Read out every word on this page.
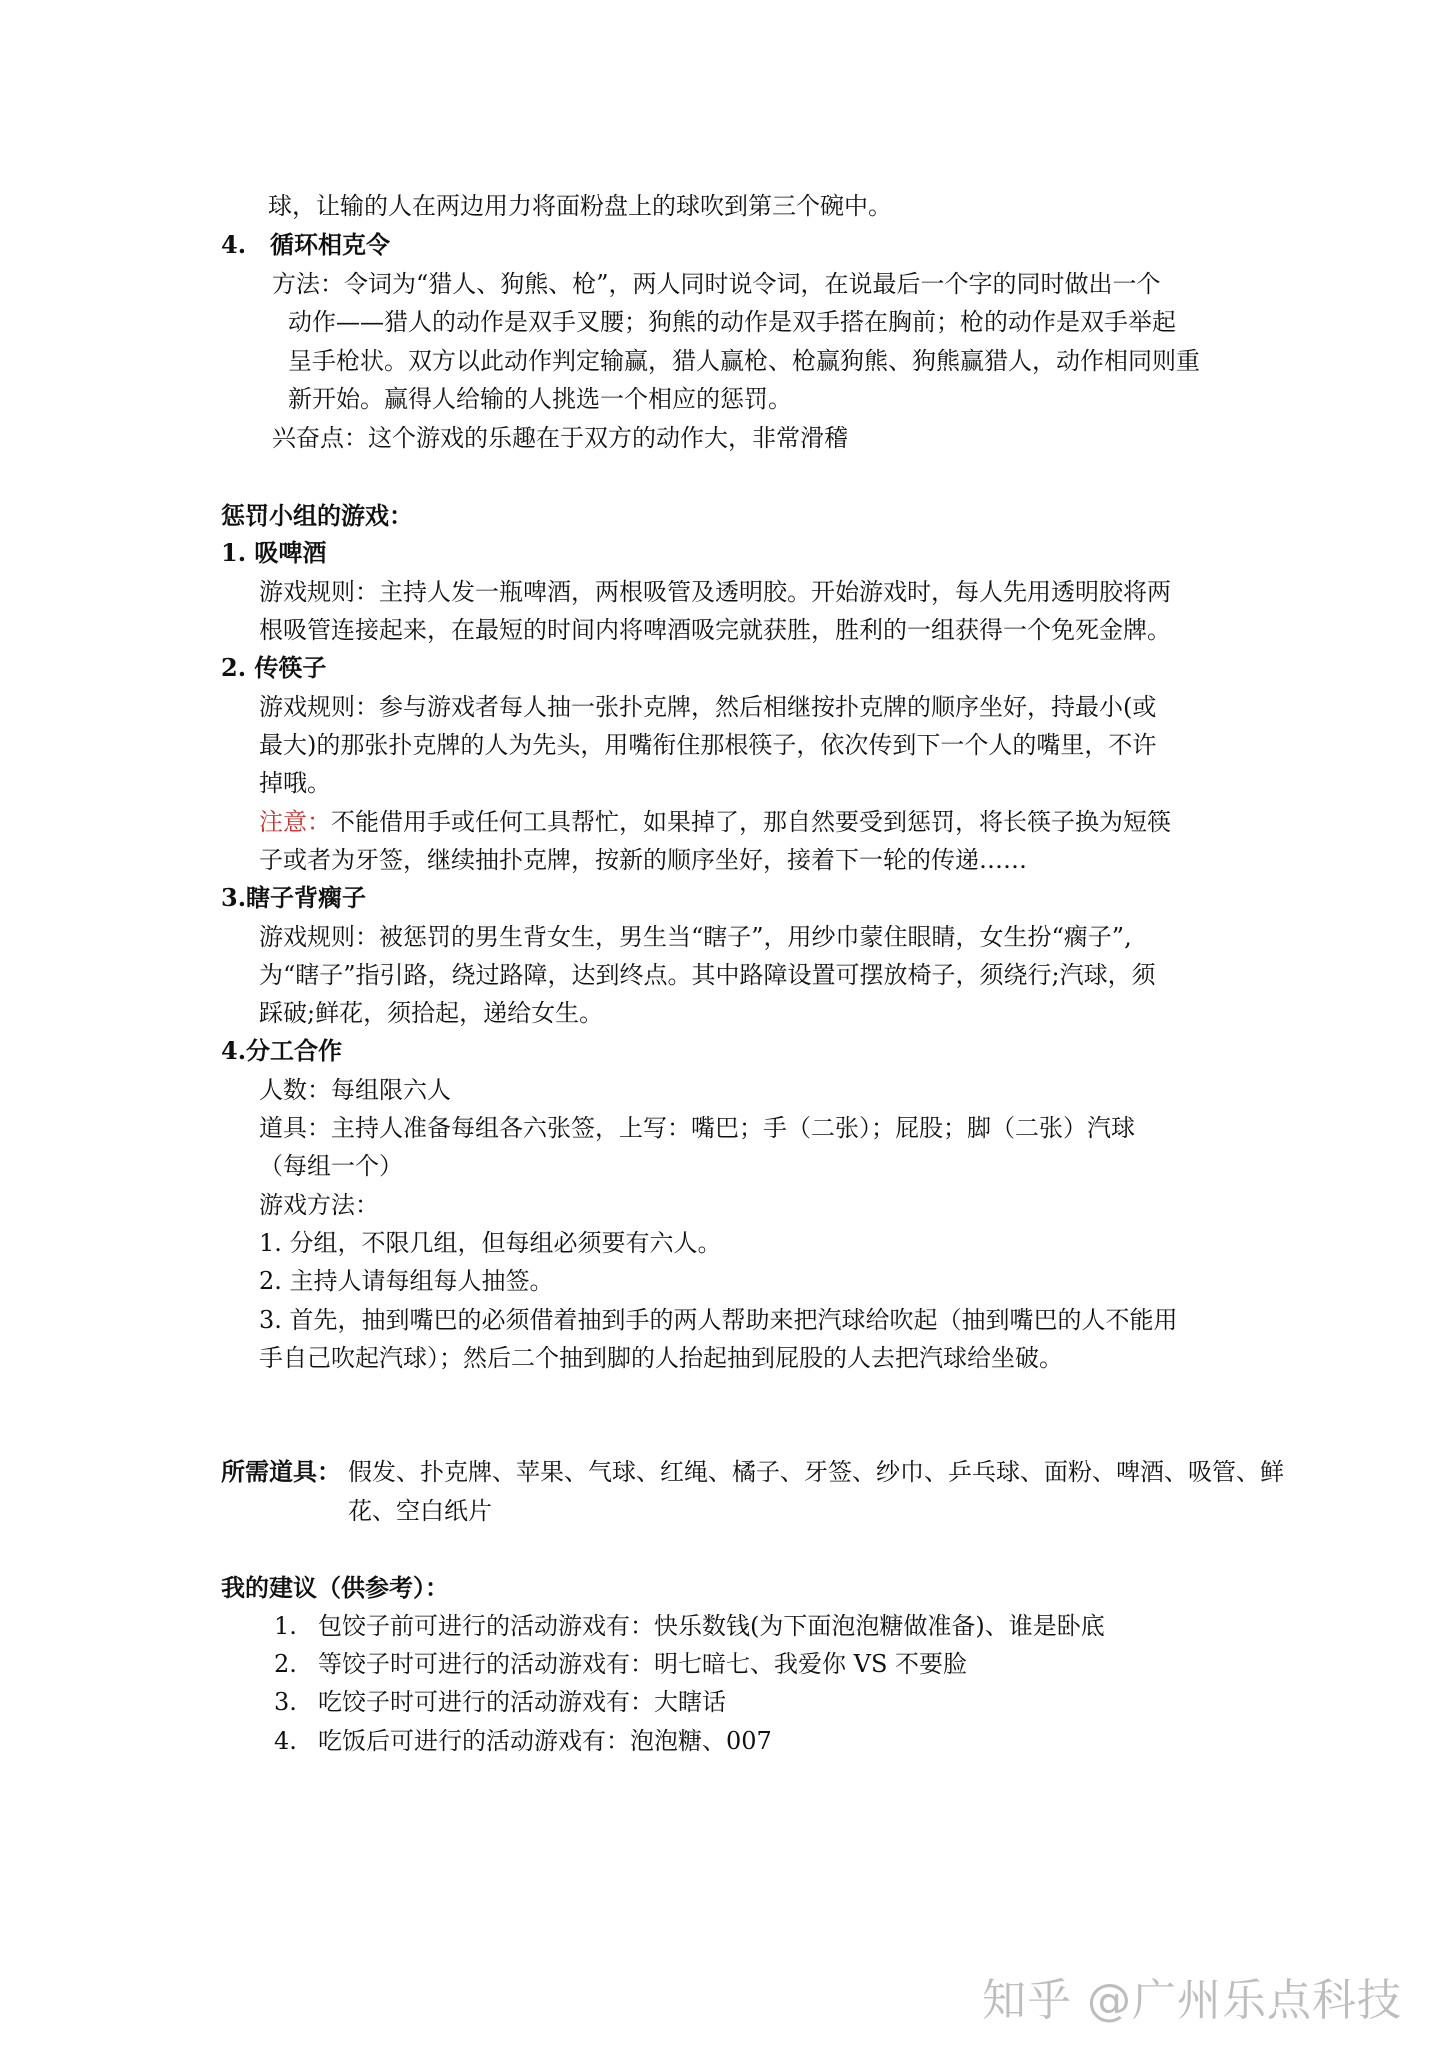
球，让输的人在两边用力将面粉盘上的球吹到第三个碗中。
4.　循环相克令
方法：令词为“猎人、狗熊、枪”，两人同时说令词，在说最后一个字的同时做出一个
动作——猎人的动作是双手叉腰；狗熊的动作是双手搭在胸前；枪的动作是双手举起
呈手枪状。双方以此动作判定输赢，猎人赢枪、枪赢狗熊、狗熊赢猎人，动作相同则重
新开始。赢得人给输的人挑选一个相应的惩罚。
兴奋点：这个游戏的乐趣在于双方的动作大，非常滑稽
惩罚小组的游戏：
1. 吸啤酒
游戏规则：主持人发一瓶啤酒，两根吸管及透明胶。开始游戏时，每人先用透明胶将两
根吸管连接起来，在最短的时间内将啤酒吸完就获胜，胜利的一组获得一个免死金牌。
2. 传筷子
游戏规则：参与游戏者每人抽一张扑克牌，然后相继按扑克牌的顺序坐好，持最小(或
最大)的那张扑克牌的人为先头，用嘴衔住那根筷子，依次传到下一个人的嘴里，不许
掉哦。
注意：不能借用手或任何工具帮忙，如果掉了，那自然要受到惩罚，将长筷子换为短筷
子或者为牙签，继续抽扑克牌，按新的顺序坐好，接着下一轮的传递……
3.瞎子背瘸子
游戏规则：被惩罚的男生背女生，男生当“瞎子”，用纱巾蒙住眼睛，女生扮“瘸子”,
为“瞎子”指引路，绕过路障，达到终点。其中路障设置可摆放椅子，须绕行;汽球，须
踩破;鲜花，须拾起，递给女生。
4.分工合作
人数：每组限六人
道具：主持人准备每组各六张签，上写：嘴巴；手（二张）；屁股；脚（二张）汽球
（每组一个）
游戏方法：
1. 分组，不限几组，但每组必须要有六人。
2. 主持人请每组每人抽签。
3. 首先，抽到嘴巴的必须借着抽到手的两人帮助来把汽球给吹起（抽到嘴巴的人不能用
手自己吹起汽球）；然后二个抽到脚的人抬起抽到屁股的人去把汽球给坐破。
所需道具： 假发、扑克牌、苹果、气球、红绳、橘子、牙签、纱巾、乒乓球、面粉、啤酒、吸管、鲜
花、空白纸片
我的建议（供参考）：
1. 包饺子前可进行的活动游戏有：快乐数钱(为下面泡泡糖做准备)、谁是卧底
2. 等饺子时可进行的活动游戏有：明七暗七、我爱你 VS 不要脸
3. 吃饺子时可进行的活动游戏有：大瞎话
4. 吃饭后可进行的活动游戏有：泡泡糖、007
知乎 @广州乐点科技
